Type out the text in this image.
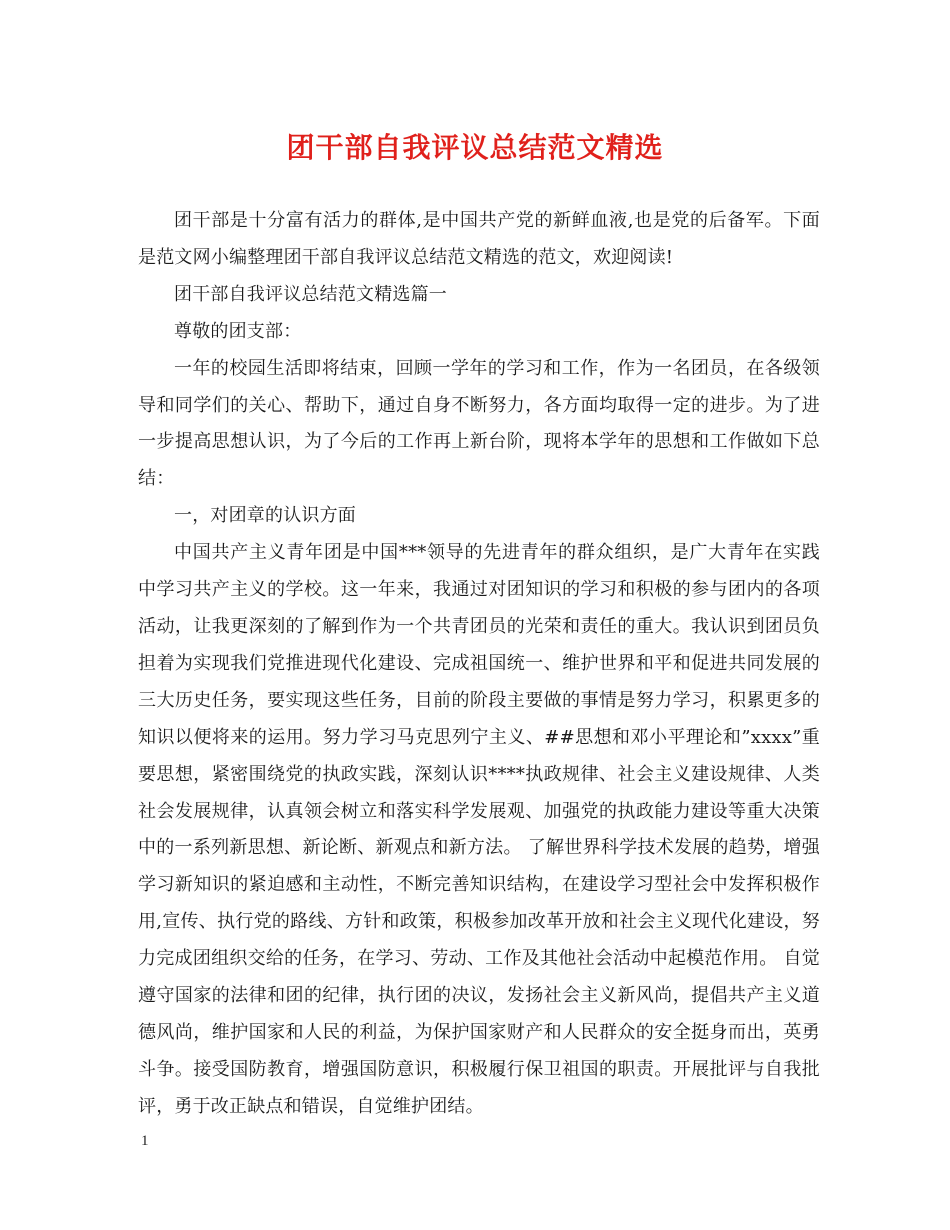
团干部自我评议总结范文精选

团干部是十分富有活力的群体,是中国共产党的新鲜血液,也是党的后备军。下面是范文网小编整理团干部自我评议总结范文精选的范文，欢迎阅读!

团干部自我评议总结范文精选篇一

尊敬的团支部：

一年的校园生活即将结束，回顾一学年的学习和工作，作为一名团员，在各级领导和同学们的关心、帮助下，通过自身不断努力，各方面均取得一定的进步。为了进一步提高思想认识，为了今后的工作再上新台阶，现将本学年的思想和工作做如下总结：

一，对团章的认识方面

中国共产主义青年团是中国***领导的先进青年的群众组织，是广大青年在实践中学习共产主义的学校。这一年来，我通过对团知识的学习和积极的参与团内的各项活动，让我更深刻的了解到作为一个共青团员的光荣和责任的重大。我认识到团员负担着为实现我们党推进现代化建设、完成祖国统一、维护世界和平和促进共同发展的三大历史任务，要实现这些任务，目前的阶段主要做的事情是努力学习，积累更多的知识以便将来的运用。努力学习马克思列宁主义、##思想和邓小平理论和”xxxx”重要思想，紧密围绕党的执政实践，深刻认识****执政规律、社会主义建设规律、人类社会发展规律，认真领会树立和落实科学发展观、加强党的执政能力建设等重大决策中的一系列新思想、新论断、新观点和新方法。 了解世界科学技术发展的趋势，增强学习新知识的紧迫感和主动性，不断完善知识结构，在建设学习型社会中发挥积极作用,宣传、执行党的路线、方针和政策，积极参加改革开放和社会主义现代化建设，努力完成团组织交给的任务，在学习、劳动、工作及其他社会活动中起模范作用。 自觉遵守国家的法律和团的纪律，执行团的决议，发扬社会主义新风尚，提倡共产主义道德风尚，维护国家和人民的利益，为保护国家财产和人民群众的安全挺身而出，英勇斗争。接受国防教育，增强国防意识，积极履行保卫祖国的职责。开展批评与自我批评，勇于改正缺点和错误，自觉维护团结。

1
